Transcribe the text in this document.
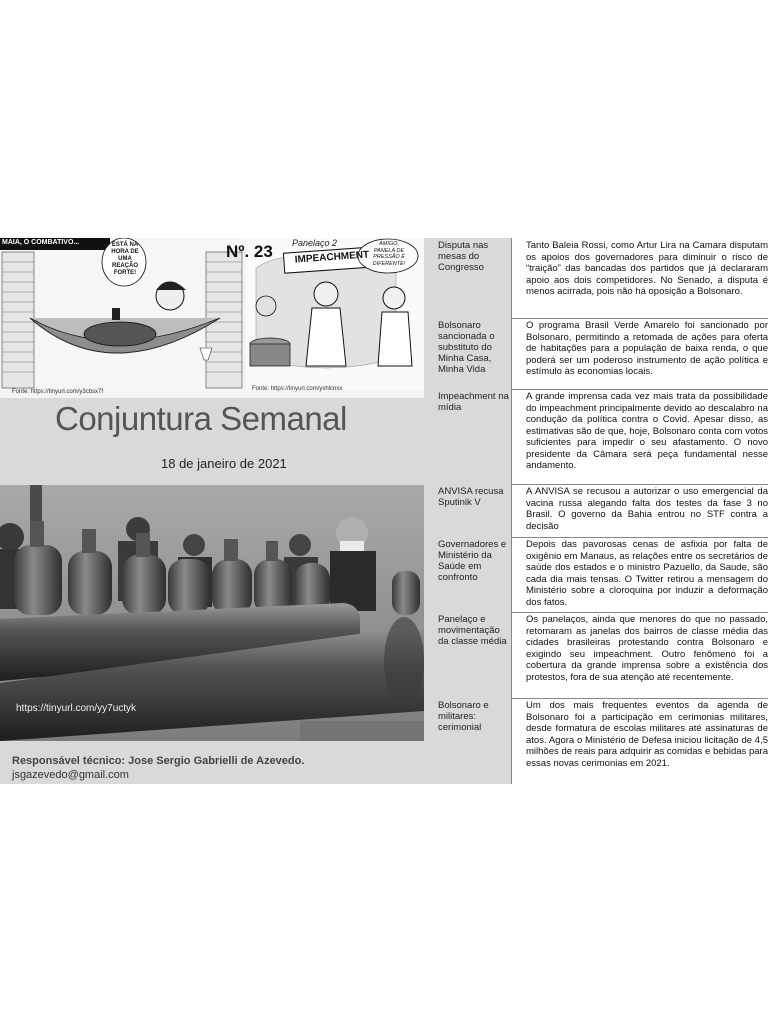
MAIA, O COMBATIVO...	ESTÁ NA
HORA DE
UMA
REAÇÃO
FORTE!
Panelaço 2
IMPEACHMENT
AMIGO,
PANELA DE
PRESSÃO É
DIFERENTE!
Nº. 23
Fonte: https://tinyurl.com/y3cbsx7f	Fonte: https://tinyurl.com/yxhlcnxx
Conjuntura Semanal
18 de janeiro de 2021
https://tinyurl.com/yy7uctyk
Responsável técnico: Jose Sergio Gabrielli de Azevedo.
jsgazevedo@gmail.com
Disputa nas mesas do Congresso
Tanto Baleia Rossi, como Artur Lira na Camara disputam os apoios dos governadores para diminuir o risco de “traição” das bancadas dos partidos que já declararam apoio aos dois competidores. No Senado, a disputa é menos acirrada, pois não há oposição a Bolsonaro.
Bolsonaro sancionada o substituto do Minha Casa, Minha Vida
O programa Brasil Verde Amarelo foi sancionado por Bolsonaro, permitindo a retomada de ações para oferta de habitações para a população de baixa renda, o que poderá ser um poderoso instrumento de ação política e estímulo às economias locais.
Impeachment na mídia
A grande imprensa cada vez mais trata da possibilidade do impeachment principalmente devido ao descalabro na condução da política contra o Covid. Apesar disso, as estimativas são de que, hoje, Bolsonaro conta com votos suficientes para impedir o seu afastamento. O novo presidente da Câmara será peça fundamental nesse andamento.
ANVISA recusa Sputinik V
A ANVISA se recusou a autorizar o uso emergencial da vacina russa alegando falta dos testes da fase 3 no Brasil. O governo da Bahia entrou no STF contra a decisão
Governadores e Ministério da Saúde em confronto
Depois das pavorosas cenas de asfixia por falta de oxigênio em Manaus, as relações entre os secretários de saúde dos estados e o ministro Pazuello, da Saude, são cada dia mais tensas. O Twitter retirou a mensagem do Ministério sobre a cloroquina por induzir a deformação dos fatos.
Panelaço e movimentação da classe média
Os panelaços, ainda que menores do que no passado, retomaram as janelas dos bairros de classe média das cidades brasileiras protestando contra Bolsonaro e exigindo seu impeachment. Outro fenômeno foi a cobertura da grande imprensa sobre a existência dos protestos, fora de sua atenção até recentemente.
Bolsonaro e militares: cerimonial
Um dos mais frequentes eventos da agenda de Bolsonaro foi a participação em cerimonias militares, desde formatura de escolas militares até assinaturas de atos. Agora o Ministério de Defesa iniciou licitação de 4,5 milhões de reais para adquirir as comidas e bebidas para essas novas cerimonias em 2021.
